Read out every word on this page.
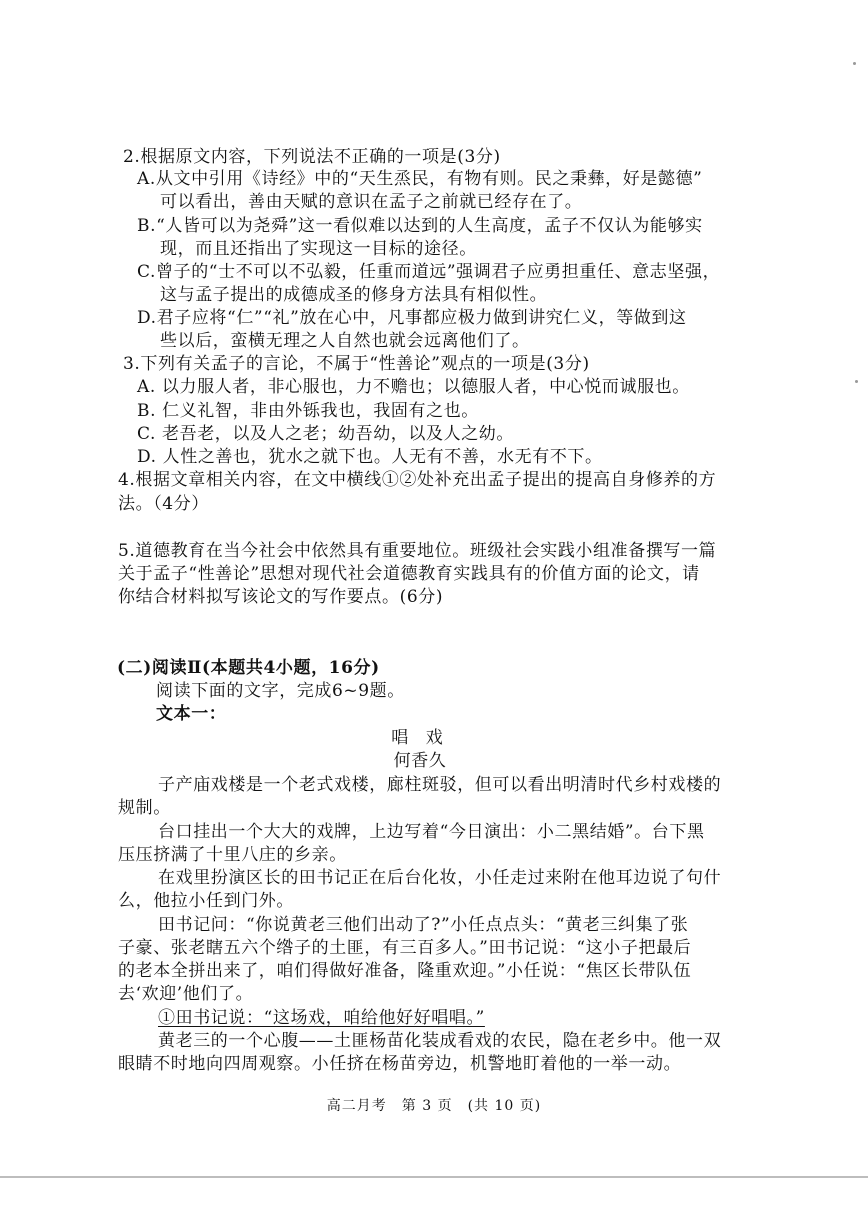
2.根据原文内容，下列说法不正确的一项是(3分)
A.从文中引用《诗经》中的“天生烝民，有物有则。民之秉彝，好是懿德”
可以看出，善由天赋的意识在孟子之前就已经存在了。
B.“人皆可以为尧舜”这一看似难以达到的人生高度，孟子不仅认为能够实
现，而且还指出了实现这一目标的途径。
C.曾子的“士不可以不弘毅，任重而道远”强调君子应勇担重任、意志坚强，
这与孟子提出的成德成圣的修身方法具有相似性。
D.君子应将“仁”“礼”放在心中，凡事都应极力做到讲究仁义，等做到这
些以后，蛮横无理之人自然也就会远离他们了。
3.下列有关孟子的言论，不属于“性善论”观点的一项是(3分)
A. 以力服人者，非心服也，力不赡也；以德服人者，中心悦而诚服也。
B. 仁义礼智，非由外铄我也，我固有之也。
C. 老吾老，以及人之老；幼吾幼，以及人之幼。
D. 人性之善也，犹水之就下也。人无有不善，水无有不下。
4.根据文章相关内容，在文中横线①②处补充出孟子提出的提高自身修养的方
法。（4分）
5.道德教育在当今社会中依然具有重要地位。班级社会实践小组准备撰写一篇
关于孟子“性善论”思想对现代社会道德教育实践具有的价值方面的论文，请
你结合材料拟写该论文的写作要点。(6分)
(二)阅读Ⅱ(本题共4小题，16分)
阅读下面的文字，完成6~9题。
文本一：
唱 戏
何香久
子产庙戏楼是一个老式戏楼，廊柱斑驳，但可以看出明清时代乡村戏楼的
规制。
台口挂出一个大大的戏牌，上边写着“今日演出：小二黑结婚”。台下黑
压压挤满了十里八庄的乡亲。
在戏里扮演区长的田书记正在后台化妆，小任走过来附在他耳边说了句什
么，他拉小任到门外。
田书记问：“你说黄老三他们出动了?”小任点点头：“黄老三纠集了张
子豪、张老瞎五六个绺子的土匪，有三百多人。”田书记说：“这小子把最后
的老本全拼出来了，咱们得做好准备，隆重欢迎。”小任说：“焦区长带队伍
去‘欢迎’他们了。
①田书记说：“这场戏，咱给他好好唱唱。”
黄老三的一个心腹——土匪杨苗化装成看戏的农民，隐在老乡中。他一双
眼睛不时地向四周观察。小任挤在杨苗旁边，机警地盯着他的一举一动。
高二月考　第 3 页　(共 10 页)
